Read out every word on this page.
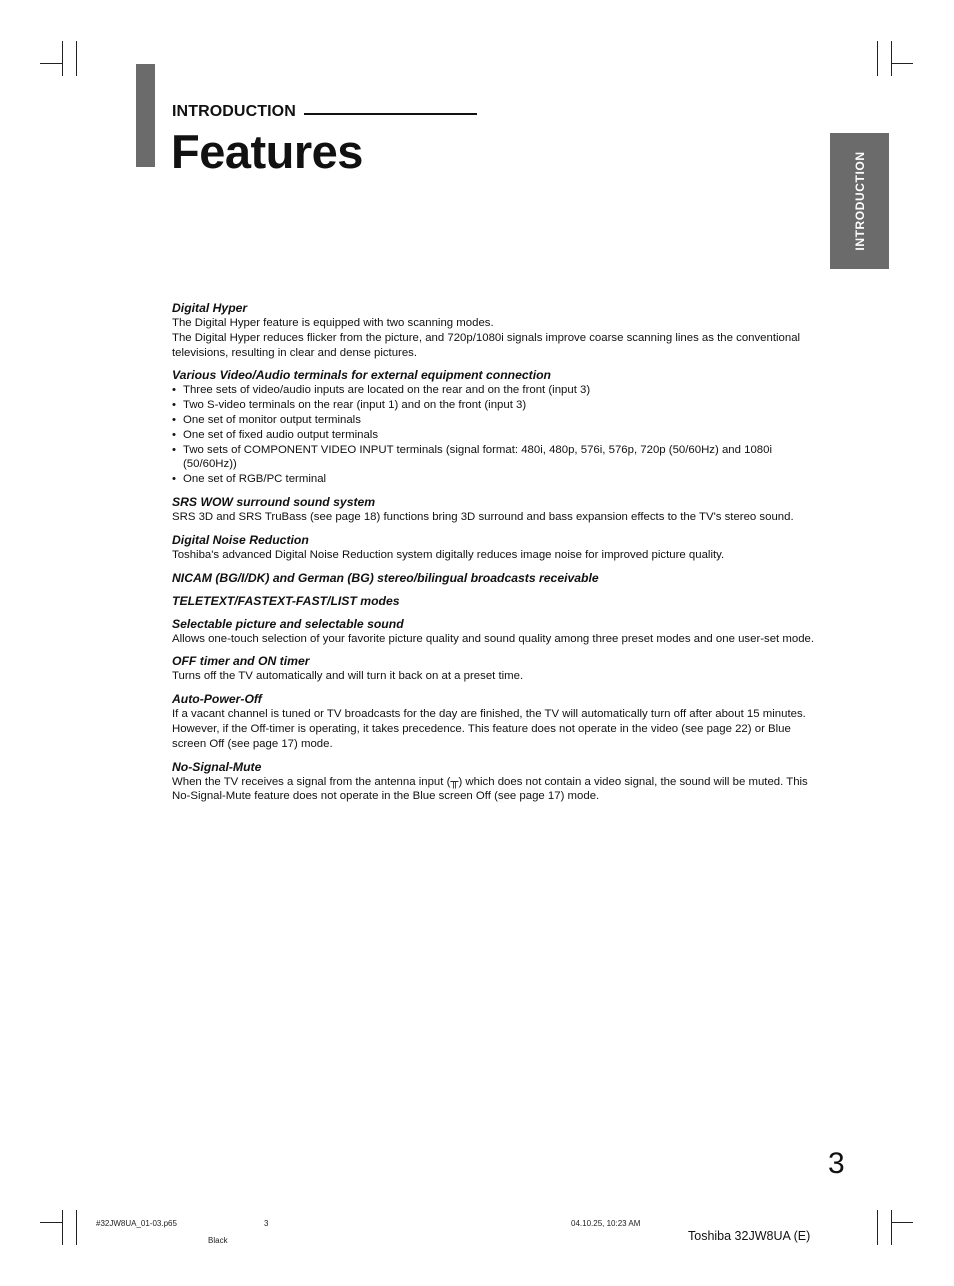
INTRODUCTION
Features	INTRODUCTION
Digital Hyper

The Digital Hyper feature is equipped with two scanning modes.

The Digital Hyper reduces flicker from the picture, and 720p/1080i signals improve coarse scanning lines as the conventional televisions, resulting in clear and dense pictures.

Various Video/Audio terminals for external equipment connection
• Three sets of video/audio inputs are located on the rear and on the front (input 3)
• Two S-video terminals on the rear (input 1) and on the front (input 3)
• One set of monitor output terminals
• One set of fixed audio output terminals
• Two sets of COMPONENT VIDEO INPUT terminals (signal format: 480i, 480p, 576i, 576p, 720p (50/60Hz) and 1080i (50/60Hz))
• One set of RGB/PC terminal
SRS WOW surround sound system

SRS 3D and SRS TruBass (see page 18) functions bring 3D surround and bass expansion effects to the TV's stereo sound.

Digital Noise Reduction

Toshiba's advanced Digital Noise Reduction system digitally reduces image noise for improved picture quality.

NICAM (BG/I/DK) and German (BG) stereo/bilingual broadcasts receivable
TELETEXT/FASTEXT-FAST/LIST modes
Selectable picture and selectable sound

Allows one-touch selection of your favorite picture quality and sound quality among three preset modes and one user-set mode.

OFF timer and ON timer

Turns off the TV automatically and will turn it back on at a preset time.

Auto-Power-Off

If a vacant channel is tuned or TV broadcasts for the day are finished, the TV will automatically turn off after about 15 minutes. However, if the Off-timer is operating, it takes precedence. This feature does not operate in the video (see page 22) or Blue screen Off (see page 17) mode.

No-Signal-Mute

When the TV receives a signal from the antenna input (╥) which does not contain a video signal, the sound will be muted. This No-Signal-Mute feature does not operate in the Blue screen Off (see page 17) mode.

3
Toshiba 32JW8UA (E)
#32JW8UA_01-03.p65	3
Black
04.10.25, 10:23 AM
